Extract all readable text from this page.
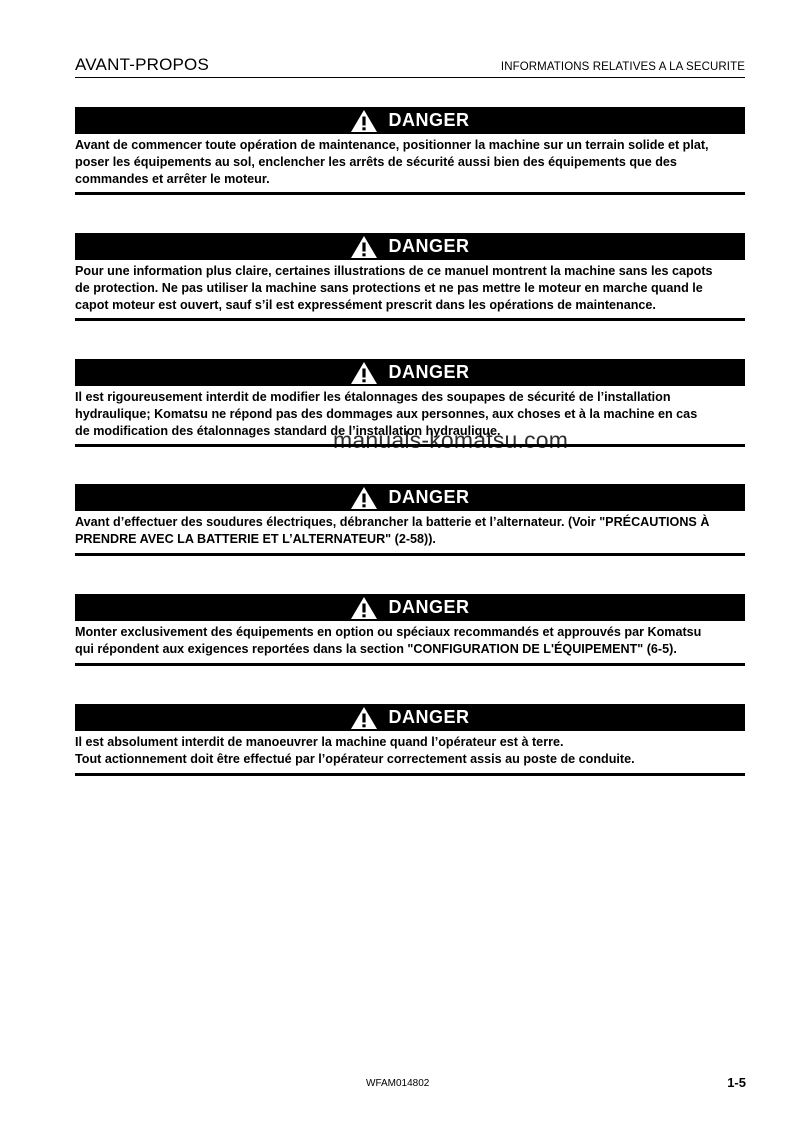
AVANT-PROPOS	INFORMATIONS RELATIVES A LA SECURITE
DANGER
Avant de commencer toute opération de maintenance, positionner la machine sur un terrain solide et plat,
poser les équipements au sol, enclencher les arrêts de sécurité aussi bien des équipements que des
commandes et arrêter le moteur.
DANGER
Pour une information plus claire, certaines illustrations de ce manuel montrent la machine sans les capots
de protection. Ne pas utiliser la machine sans protections et ne pas mettre le moteur en marche quand le
capot moteur est ouvert, sauf s’il est expressément prescrit dans les opérations de maintenance.
DANGER
Il est rigoureusement interdit de modifier les étalonnages des soupapes de sécurité de l’installation
hydraulique; Komatsu ne répond pas des dommages aux personnes, aux choses et à la machine en cas
de modification des étalonnages standard de l’installation hydraulique.
DANGER
Avant d’effectuer des soudures électriques, débrancher la batterie et l’alternateur. (Voir "PRÉCAUTIONS À
PRENDRE AVEC LA BATTERIE ET L’ALTERNATEUR" (2-58)).
DANGER
Monter exclusivement des équipements en option ou spéciaux recommandés et approuvés par Komatsu
qui répondent aux exigences reportées dans la section "CONFIGURATION DE L'ÉQUIPEMENT" (6-5).
DANGER
Il est absolument interdit de manoeuvrer la machine quand l’opérateur est à terre.
Tout actionnement doit être effectué par l’opérateur correctement assis au poste de conduite.
manuals-komatsu.com
WFAM014802	1-5
